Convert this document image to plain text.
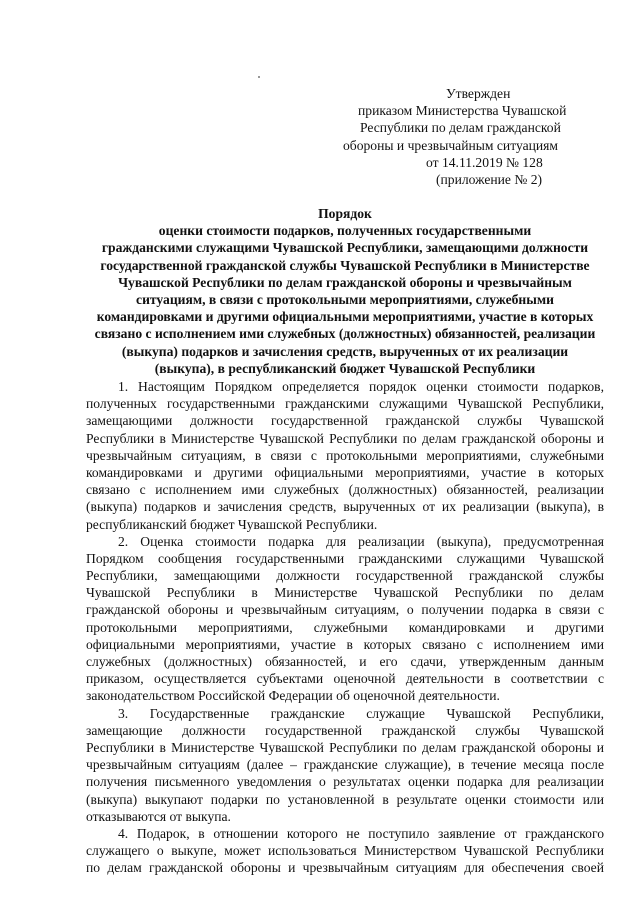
Утвержден
приказом Министерства Чувашской
Республики по делам гражданской
обороны и чрезвычайным ситуациям
от 14.11.2019 № 128
(приложение № 2)
Порядок
оценки стоимости подарков, полученных государственными
гражданскими служащими Чувашской Республики, замещающими должности
государственной гражданской службы Чувашской Республики в Министерстве
Чувашской Республики по делам гражданской обороны и чрезвычайным
ситуациям, в связи с протокольными мероприятиями, служебными
командировками и другими официальными мероприятиями, участие в которых
связано с исполнением ими служебных (должностных) обязанностей, реализации
(выкупа) подарков и зачисления средств, вырученных от их реализации
(выкупа), в республиканский бюджет Чувашской Республики
1. Настоящим Порядком определяется порядок оценки стоимости подарков,
полученных государственными гражданскими служащими Чувашской Республики,
замещающими должности государственной гражданской службы Чувашской
Республики в Министерстве Чувашской Республики по делам гражданской обороны и
чрезвычайным ситуациям, в связи с протокольными мероприятиями, служебными
командировками и другими официальными мероприятиями, участие в которых
связано с исполнением ими служебных (должностных) обязанностей, реализации
(выкупа) подарков и зачисления средств, вырученных от их реализации (выкупа), в
республиканский бюджет Чувашской Республики.
2. Оценка стоимости подарка для реализации (выкупа), предусмотренная
Порядком сообщения государственными гражданскими служащими Чувашской
Республики, замещающими должности государственной гражданской службы
Чувашской Республики в Министерстве Чувашской Республики по делам
гражданской обороны и чрезвычайным ситуациям, о получении подарка в связи с
протокольными мероприятиями, служебными командировками и другими
официальными мероприятиями, участие в которых связано с исполнением ими
служебных (должностных) обязанностей, и его сдачи, утвержденным данным
приказом, осуществляется субъектами оценочной деятельности в соответствии с
законодательством Российской Федерации об оценочной деятельности.
3. Государственные гражданские служащие Чувашской Республики,
замещающие должности государственной гражданской службы Чувашской
Республики в Министерстве Чувашской Республики по делам гражданской обороны и
чрезвычайным ситуациям (далее – гражданские служащие), в течение месяца после
получения письменного уведомления о результатах оценки подарка для реализации
(выкупа) выкупают подарки по установленной в результате оценки стоимости или
отказываются от выкупа.
4. Подарок, в отношении которого не поступило заявление от гражданского
служащего о выкупе, может использоваться Министерством Чувашской Республики
по делам гражданской обороны и чрезвычайным ситуациям для обеспечения своей
